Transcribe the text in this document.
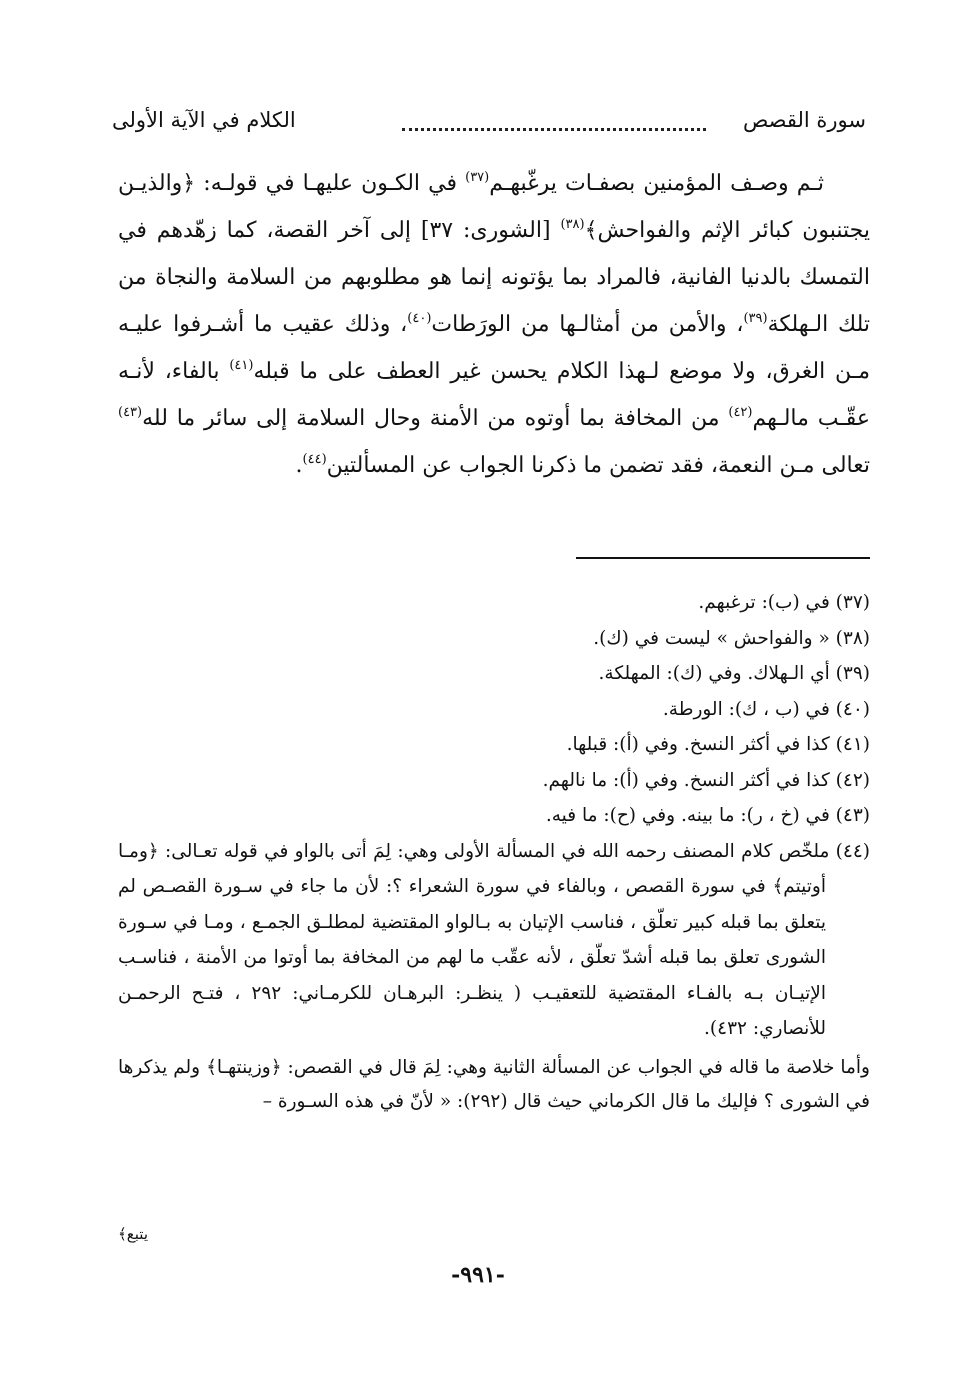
سورة القصص
الكلام في الآية الأولى

ثـم وصـف المؤمنين بصفـات يرغّبهـم$^{(٣٧)}$ في الكـون عليهـا في قولـه: ﴿والذيـن يجتنبون كبائر الإثم والفواحش﴾$^{(٣٨)}$ [الشورى: ٣٧] إلى آخر القصة، كما زهّدهم في التمسك بالدنيا الفانية، فالمراد بما يؤتونه إنما هو مطلوبهم من السلامة والنجاة من تلك الـهلكة$^{(٣٩)}$، والأمن من أمثالـها من الورَطات$^{(٤٠)}$، وذلك عقيب ما أشـرفوا عليـه مـن الغرق، ولا موضع لـهذا الكلام يحسن غير العطف على ما قبله$^{(٤١)}$ بالفاء، لأنـه عقّـب مالـهم$^{(٤٢)}$ من المخافة بما أوتوه من الأمنة وحال السلامة إلى سائر ما لله$^{(٤٣)}$ تعالى مـن النعمة، فقد تضمن ما ذكرنا الجواب عن المسألتين$^{(٤٤)}$.

(٣٧) في (ب): ترغبهم.

(٣٨) « والفواحش » ليست في (ك).

(٣٩) أي الـهلاك. وفي (ك): المهلكة.

(٤٠) في (ب ، ك): الورطة.

(٤١) كذا في أكثر النسخ. وفي (أ): قبلها.

(٤٢) كذا في أكثر النسخ. وفي (أ): ما نالهم.

(٤٣) في (خ ، ر): ما بينه. وفي (ح): ما فيه.

(٤٤) ملخّص كلام المصنف رحمه الله في المسألة الأولى وهي: لِمَ أتى بالواو في قوله تعـالى: ﴿ومـا أوتيتم﴾ في سورة القصص ، وبالفاء في سورة الشعراء ؟: لأن ما جاء في سـورة القصـص لم يتعلق بما قبله كبير تعلّق ، فناسب الإتيان به بـالواو المقتضية لمطلـق الجمـع ، ومـا في سـورة الشورى تعلق بما قبله أشدّ تعلّق ، لأنه عقّب ما لهم من المخافة بما أوتوا من الأمنة ، فناسـب الإتيـان بـه بالفـاء المقتضية للتعقيـب ( ينظـر: البرهـان للكرمـاني: ٢٩٢ ، فتـح الرحمـن للأنصاري: ٤٣٢).

وأما خلاصة ما قاله في الجواب عن المسألة الثانية وهي: لِمَ قال في القصص: ﴿وزينتهـا﴾ ولم يذكرها في الشورى ؟ فإليك ما قال الكرماني حيث قال (٢٩٢): « لأنّ في هذه السـورة –

يتبع﴾
-٩٩١-
